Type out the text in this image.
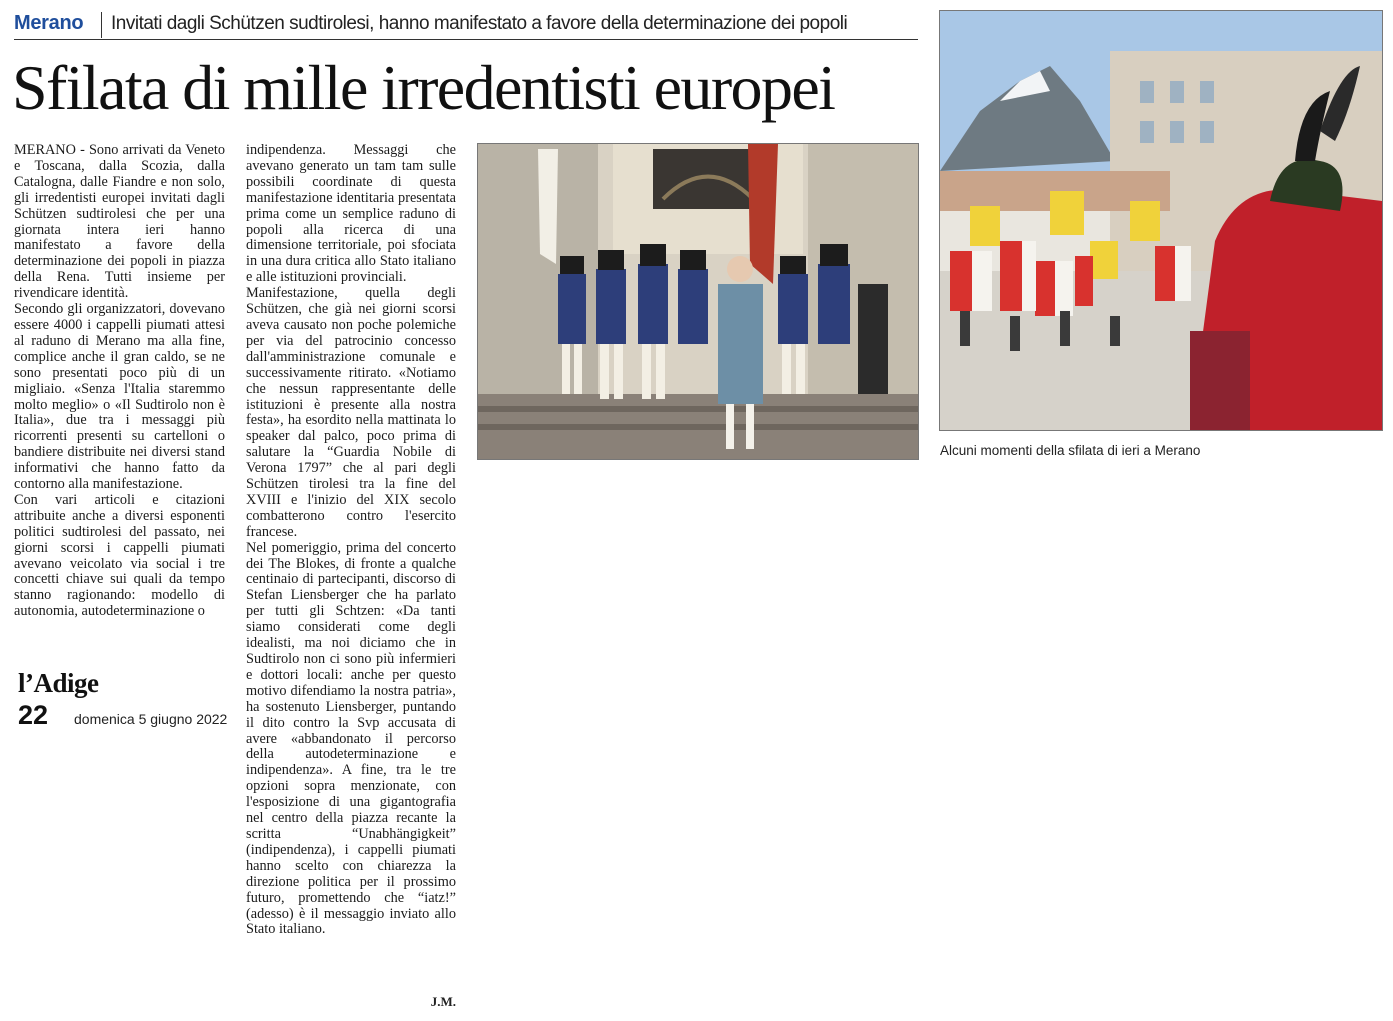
Merano Invitati dagli Schützen sudtirolesi, hanno manifestato a favore della determinazione dei popoli
Sfilata di mille irredentisti europei

MERANO - Sono arrivati da Veneto e Toscana, dalla Scozia, dalla Catalogna, dalle Fiandre e non solo, gli irredentisti europei invitati dagli Schützen sudtirolesi che per una giornata intera ieri hanno manifestato a favore della determinazione dei popoli in piazza della Rena. Tutti insieme per rivendicare identità.

Secondo gli organizzatori, dovevano essere 4000 i cappelli piumati attesi al raduno di Merano ma alla fine, complice anche il gran caldo, se ne sono presentati poco più di un migliaio. «Senza l'Italia staremmo molto meglio» o «Il Sudtirolo non è Italia», due tra i messaggi più ricorrenti presenti su cartelloni o bandiere distribuite nei diversi stand informativi che hanno fatto da contorno alla manifestazione.

Con vari articoli e citazioni attribuite anche a diversi esponenti politici sudtirolesi del passato, nei giorni scorsi i cappelli piumati avevano veicolato via social i tre concetti chiave sui quali da tempo stanno ragionando: modello di autonomia, autodeterminazione o

indipendenza. Messaggi che avevano generato un tam tam sulle possibili coordinate di questa manifestazione identitaria presentata prima come un semplice raduno di popoli alla ricerca di una dimensione territoriale, poi sfociata in una dura critica allo Stato italiano e alle istituzioni provinciali.

Manifestazione, quella degli Schützen, che già nei giorni scorsi aveva causato non poche polemiche per via del patrocinio concesso dall'amministrazione comunale e successivamente ritirato. «Notiamo che nessun rappresentante delle istituzioni è presente alla nostra festa», ha esordito nella mattinata lo speaker dal palco, poco prima di salutare la “Guardia Nobile di Verona 1797” che al pari degli Schützen tirolesi tra la fine del XVIII e l'inizio del XIX secolo combatterono contro l'esercito francese.

Nel pomeriggio, prima del concerto dei The Blokes, di fronte a qualche centinaio di partecipanti, discorso di Stefan Liensberger che ha parlato per tutti gli Schtzen: «Da tanti siamo considerati come degli idealisti, ma noi diciamo che in Sudtirolo non ci sono più infermieri e dottori locali: anche per questo motivo difendiamo la nostra patria», ha sostenuto Liensberger, puntando il dito contro la Svp accusata di avere «abbandonato il percorso della autodeterminazione e indipendenza». A fine, tra le tre opzioni sopra menzionate, con l'esposizione di una gigantografia nel centro della piazza recante la scritta “Unabhängigkeit” (indipendenza), i cappelli piumati hanno scelto con chiarezza la direzione politica per il prossimo futuro, promettendo che “iatz!” (adesso) è il messaggio inviato allo Stato italiano.

J.M.
l’Adige
22 domenica 5 giugno 2022
Alcuni momenti della sfilata di ieri a Merano
